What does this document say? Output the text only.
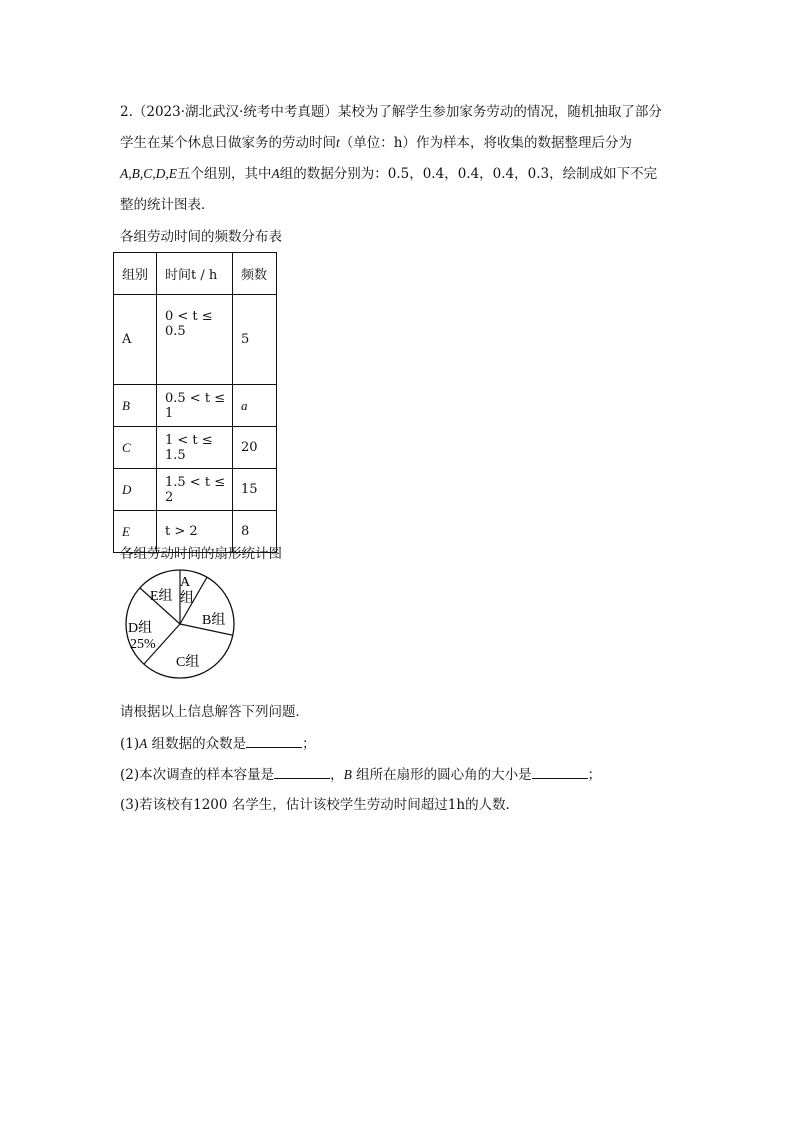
2.（2023·湖北武汉·统考中考真题）某校为了解学生参加家务劳动的情况，随机抽取了部分
学生在某个休息日做家务的劳动时间t（单位：h）作为样本，将收集的数据整理后分为
A,B,C,D,E五个组别，其中A组的数据分别为：0.5，0.4，0.4，0.4，0.3，绘制成如下不完
整的统计图表．
各组劳动时间的频数分布表
组别	时间t / h	频数
A	0 < t ≤ 0.5	5
B	0.5 < t ≤ 1	a
C	1 < t ≤ 1.5	20
D	1.5 < t ≤ 2	15
E	t > 2	8
各组劳动时间的扇形统计图
A
组
B组
C组
D组
25%
E组
请根据以上信息解答下列问题．
(1)A 组数据的众数是	；
(2)本次调查的样本容量是	，B 组所在扇形的圆心角的大小是	；
(3)若该校有1200 名学生，估计该校学生劳动时间超过1h的人数．
